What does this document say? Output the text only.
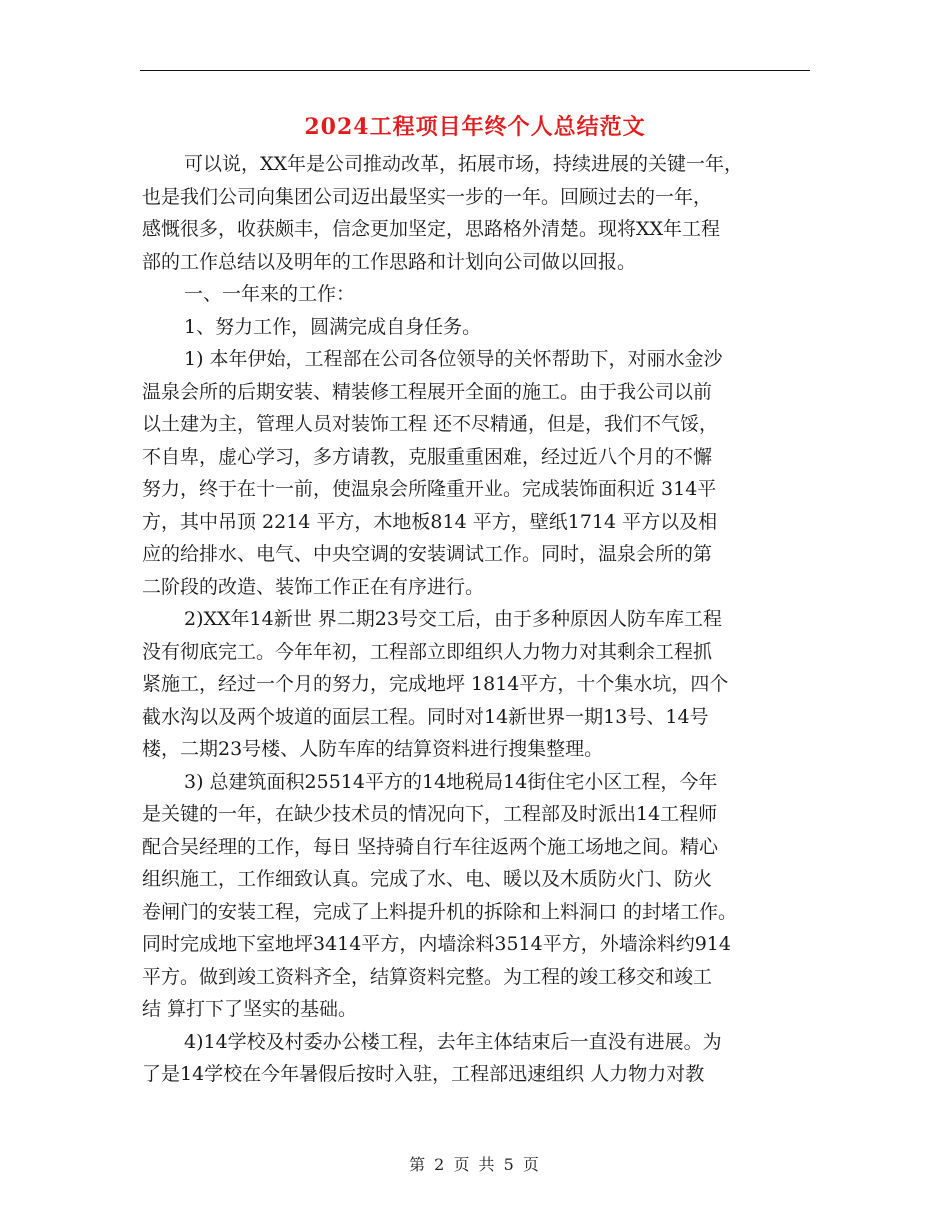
2024工程项目年终个人总结范文
可以说，XX年是公司推动改革，拓展市场，持续进展的关键一年，
也是我们公司向集团公司迈出最坚实一步的一年。回顾过去的一年，
感慨很多，收获颇丰，信念更加坚定，思路格外清楚。现将XX年工程
部的工作总结以及明年的工作思路和计划向公司做以回报。
一、一年来的工作：
1、努力工作，圆满完成自身任务。
1) 本年伊始，工程部在公司各位领导的关怀帮助下，对丽水金沙
温泉会所的后期安装、精装修工程展开全面的施工。由于我公司以前
以土建为主，管理人员对装饰工程 还不尽精通，但是，我们不气馁，
不自卑，虚心学习，多方请教，克服重重困难，经过近八个月的不懈
努力，终于在十一前，使温泉会所隆重开业。完成装饰面积近 314平
方，其中吊顶 2214 平方，木地板814 平方，壁纸1714 平方以及相
应的给排水、电气、中央空调的安装调试工作。同时，温泉会所的第
二阶段的改造、装饰工作正在有序进行。
2)XX年14新世 界二期23号交工后，由于多种原因人防车库工程
没有彻底完工。今年年初，工程部立即组织人力物力对其剩余工程抓
紧施工，经过一个月的努力，完成地坪 1814平方，十个集水坑，四个
截水沟以及两个坡道的面层工程。同时对14新世界一期13号、14号
楼，二期23号楼、人防车库的结算资料进行搜集整理。
3) 总建筑面积25514平方的14地税局14街住宅小区工程，今年
是关键的一年，在缺少技术员的情况向下，工程部及时派出14工程师
配合吴经理的工作，每日 坚持骑自行车往返两个施工场地之间。精心
组织施工，工作细致认真。完成了水、电、暖以及木质防火门、防火
卷闸门的安装工程，完成了上料提升机的拆除和上料洞口 的封堵工作。
同时完成地下室地坪3414平方，内墙涂料3514平方，外墙涂料约914
平方。做到竣工资料齐全，结算资料完整。为工程的竣工移交和竣工
结 算打下了坚实的基础。
4)14学校及村委办公楼工程，去年主体结束后一直没有进展。为
了是14学校在今年暑假后按时入驻，工程部迅速组织 人力物力对教
第 2 页 共 5 页
